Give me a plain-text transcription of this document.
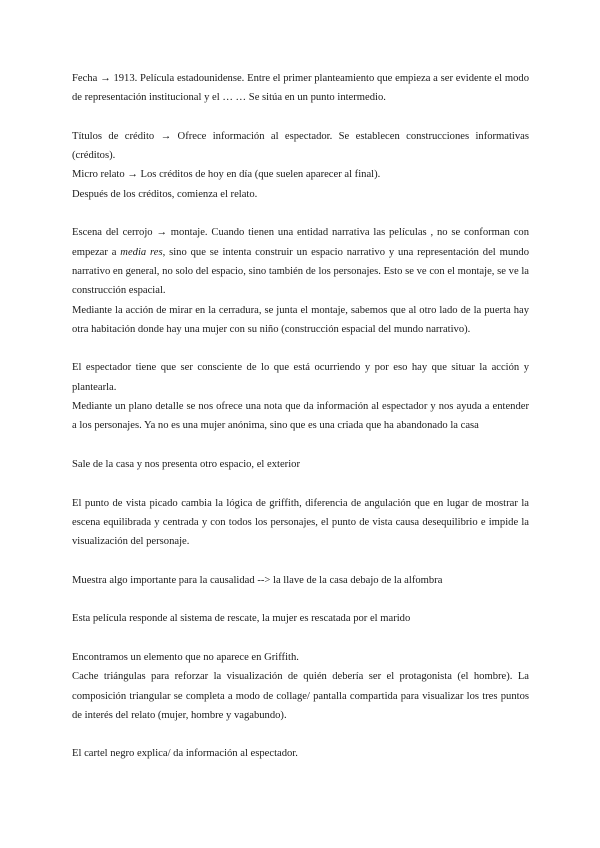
Fecha → 1913. Película estadounidense. Entre el primer planteamiento que empieza a ser evidente el modo de representación institucional y el … … Se sitúa en un punto intermedio.
Títulos de crédito → Ofrece información al espectador. Se establecen construcciones informativas (créditos).
Micro relato → Los créditos de hoy en día (que suelen aparecer al final).
Después de los créditos, comienza el relato.
Escena del cerrojo → montaje. Cuando tienen una entidad narrativa las películas , no se conforman con empezar a media res, sino que se intenta construir un espacio narrativo y una representación del mundo narrativo en general, no solo del espacio, sino también de los personajes. Esto se ve con el montaje, se ve la construcción espacial.
Mediante la acción de mirar en la cerradura, se junta el montaje, sabemos que al otro lado de la puerta hay otra habitación donde hay una mujer con su niño (construcción espacial del mundo narrativo).
El espectador tiene que ser consciente de lo que está ocurriendo y por eso hay que situar la acción y plantearla.
Mediante un plano detalle se nos ofrece una nota que da información al espectador y nos ayuda a entender a los personajes. Ya no es una mujer anónima, sino que es una criada que ha abandonado la casa
Sale de la casa y nos presenta otro espacio, el exterior
El punto de vista picado cambia la lógica de griffith, diferencia de angulación que en lugar de mostrar la escena equilibrada y centrada y con todos los personajes, el punto de vista causa desequilibrio e impide la visualización del personaje.
Muestra algo importante para la causalidad --> la llave de la casa debajo de la alfombra
Esta película responde al sistema de rescate, la mujer es rescatada por el marido
Encontramos un elemento que no aparece en Griffith.
Cache triángulas para reforzar la visualización de quién debería ser el protagonista (el hombre). La composición triangular se completa a modo de collage/ pantalla compartida para visualizar los tres puntos de interés del relato (mujer, hombre y vagabundo).
El cartel negro explica/ da información al espectador.
